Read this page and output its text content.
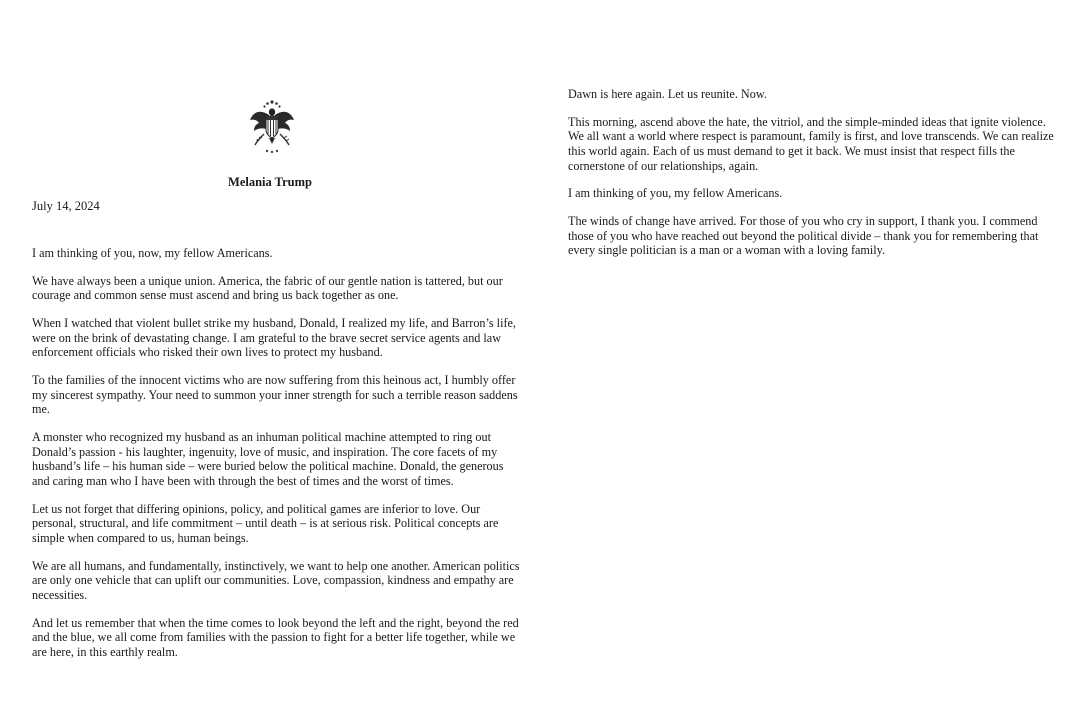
Melania Trump
July 14, 2024

I am thinking of you, now, my fellow Americans.

We have always been a unique union. America, the fabric of our gentle nation is tattered, but our courage and common sense must ascend and bring us back together as one.

When I watched that violent bullet strike my husband, Donald, I realized my life, and Barron’s life, were on the brink of devastating change. I am grateful to the brave secret service agents and law enforcement officials who risked their own lives to protect my husband.

To the families of the innocent victims who are now suffering from this heinous act, I humbly offer my sincerest sympathy. Your need to summon your inner strength for such a terrible reason saddens me.

A monster who recognized my husband as an inhuman political machine attempted to ring out Donald’s passion - his laughter, ingenuity, love of music, and inspiration. The core facets of my husband’s life – his human side – were buried below the political machine. Donald, the generous and caring man who I have been with through the best of times and the worst of times.

Let us not forget that differing opinions, policy, and political games are inferior to love. Our personal, structural, and life commitment – until death – is at serious risk. Political concepts are simple when compared to us, human beings.

We are all humans, and fundamentally, instinctively, we want to help one another. American politics are only one vehicle that can uplift our communities. Love, compassion, kindness and empathy are necessities.

And let us remember that when the time comes to look beyond the left and the right, beyond the red and the blue, we all come from families with the passion to fight for a better life together, while we are here, in this earthly realm.

Dawn is here again. Let us reunite. Now.

This morning, ascend above the hate, the vitriol, and the simple-minded ideas that ignite violence. We all want a world where respect is paramount, family is first, and love transcends. We can realize this world again. Each of us must demand to get it back. We must insist that respect fills the cornerstone of our relationships, again.

I am thinking of you, my fellow Americans.

The winds of change have arrived. For those of you who cry in support, I thank you. I commend those of you who have reached out beyond the political divide – thank you for remembering that every single politician is a man or a woman with a loving family.
